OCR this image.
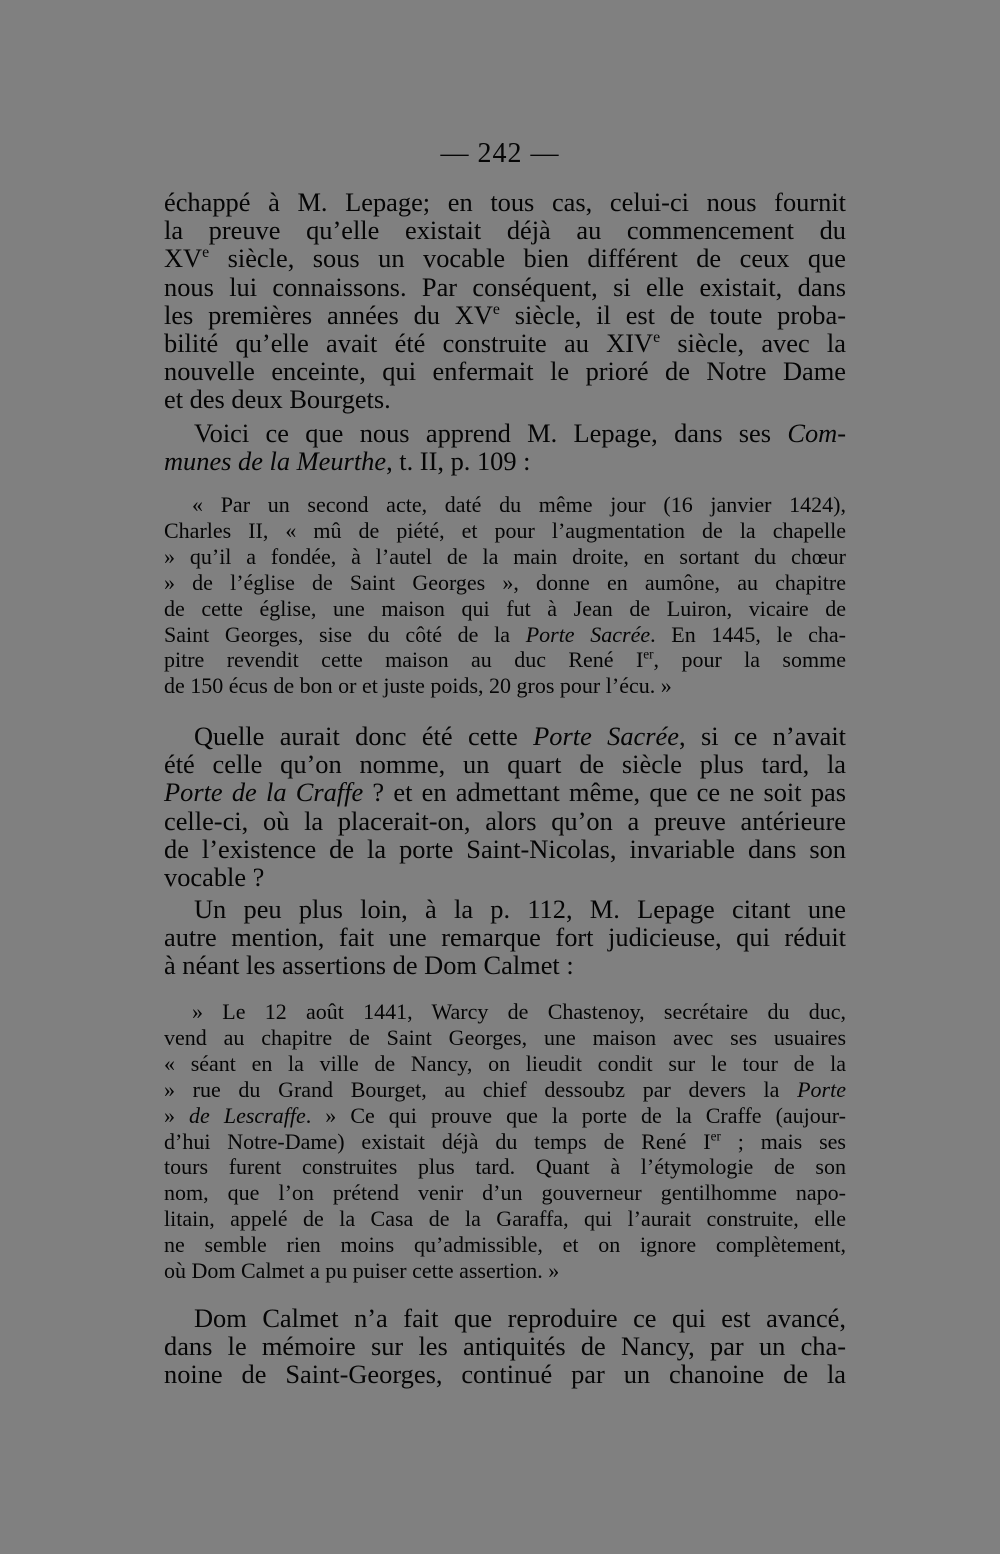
— 242 —
échappé à M. Lepage; en tous cas, celui-ci nous fournit
la preuve qu’elle existait déjà au commencement du
XVe siècle, sous un vocable bien différent de ceux que
nous lui connaissons. Par conséquent, si elle existait, dans
les premières années du XVe siècle, il est de toute proba-
bilité qu’elle avait été construite au XIVe siècle, avec la
nouvelle enceinte, qui enfermait le prioré de Notre Dame
et des deux Bourgets.
Voici ce que nous apprend M. Lepage, dans ses Com-
munes de la Meurthe, t. II, p. 109 :
« Par un second acte, daté du même jour (16 janvier 1424),
Charles II, « mû de piété, et pour l’augmentation de la chapelle
» qu’il a fondée, à l’autel de la main droite, en sortant du chœur
» de l’église de Saint Georges », donne en aumône, au chapitre
de cette église, une maison qui fut à Jean de Luiron, vicaire de
Saint Georges, sise du côté de la Porte Sacrée. En 1445, le cha-
pitre revendit cette maison au duc René Ier, pour la somme
de 150 écus de bon or et juste poids, 20 gros pour l’écu. »
Quelle aurait donc été cette Porte Sacrée, si ce n’avait
été celle qu’on nomme, un quart de siècle plus tard, la
Porte de la Craffe ? et en admettant même, que ce ne soit pas
celle-ci, où la placerait-on, alors qu’on a preuve antérieure
de l’existence de la porte Saint-Nicolas, invariable dans son
vocable ?
Un peu plus loin, à la p. 112, M. Lepage citant une
autre mention, fait une remarque fort judicieuse, qui réduit
à néant les assertions de Dom Calmet :
» Le 12 août 1441, Warcy de Chastenoy, secrétaire du duc,
vend au chapitre de Saint Georges, une maison avec ses usuaires
« séant en la ville de Nancy, on lieudit condit sur le tour de la
» rue du Grand Bourget, au chief dessoubz par devers la Porte
» de Lescraffe. » Ce qui prouve que la porte de la Craffe (aujour-
d’hui Notre-Dame) existait déjà du temps de René Ier ; mais ses
tours furent construites plus tard. Quant à l’étymologie de son
nom, que l’on prétend venir d’un gouverneur gentilhomme napo-
litain, appelé de la Casa de la Garaffa, qui l’aurait construite, elle
ne semble rien moins qu’admissible, et on ignore complètement,
où Dom Calmet a pu puiser cette assertion. »
Dom Calmet n’a fait que reproduire ce qui est avancé,
dans le mémoire sur les antiquités de Nancy, par un cha-
noine de Saint-Georges, continué par un chanoine de la
